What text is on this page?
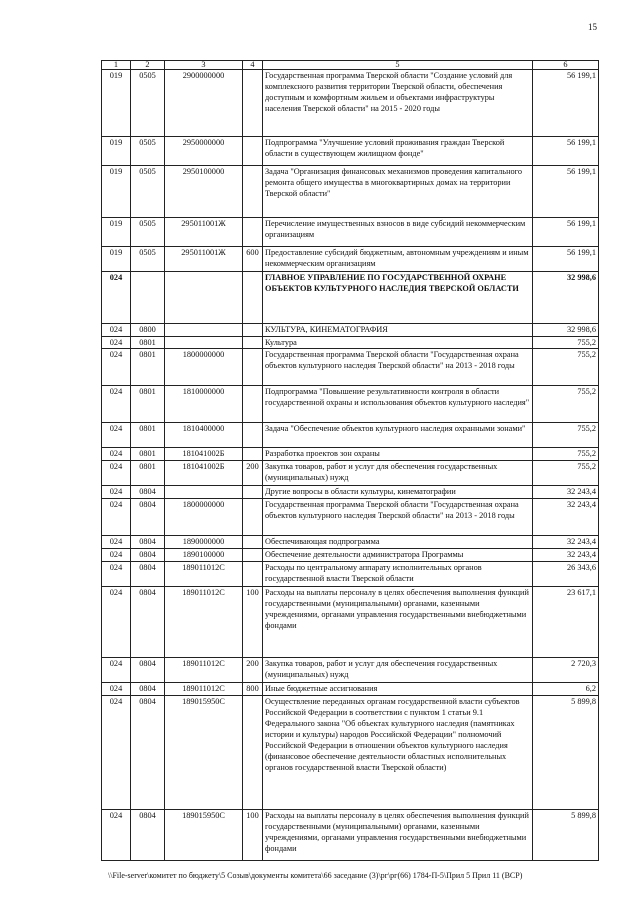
15
1	2	3	4	5	6
019	0505	2900000000		Государственная программа Тверской области "Создание условий для комплексного развития территории Тверской области, обеспечения доступным и комфортным жильем и объектами инфраструктуры населения Тверской области" на 2015 - 2020 годы	56 199,1
019	0505	2950000000		Подпрограмма "Улучшение условий проживания граждан Тверской области в существующем жилищном фонде"	56 199,1
019	0505	2950100000		Задача "Организация финансовых механизмов проведения капитального ремонта общего имущества в многоквартирных домах на территории Тверской области"	56 199,1
019	0505	295011001Ж		Перечисление имущественных взносов в виде субсидий некоммерческим организациям	56 199,1
019	0505	295011001Ж	600	Предоставление субсидий бюджетным, автономным учреждениям и иным некоммерческим организациям	56 199,1
024				ГЛАВНОЕ УПРАВЛЕНИЕ ПО ГОСУДАРСТВЕННОЙ ОХРАНЕ ОБЪЕКТОВ КУЛЬТУРНОГО НАСЛЕДИЯ ТВЕРСКОЙ ОБЛАСТИ	32 998,6
024	0800			КУЛЬТУРА, КИНЕМАТОГРАФИЯ	32 998,6
024	0801			Культура	755,2
024	0801	1800000000		Государственная программа Тверской области "Государственная охрана объектов культурного наследия Тверской области" на 2013 - 2018 годы	755,2
024	0801	1810000000		Подпрограмма "Повышение результативности контроля в области государственной охраны и использования объектов культурного наследия"	755,2
024	0801	1810400000		Задача "Обеспечение объектов культурного наследия охранными зонами"	755,2
024	0801	181041002Б		Разработка проектов зон охраны	755,2
024	0801	181041002Б	200	Закупка товаров, работ и услуг для обеспечения государственных (муниципальных) нужд	755,2
024	0804			Другие вопросы в области культуры, кинематографии	32 243,4
024	0804	1800000000		Государственная программа Тверской области "Государственная охрана объектов культурного наследия Тверской области" на 2013 - 2018 годы	32 243,4
024	0804	1890000000		Обеспечивающая подпрограмма	32 243,4
024	0804	1890100000		Обеспечение деятельности администратора Программы	32 243,4
024	0804	189011012С		Расходы по центральному аппарату исполнительных органов государственной власти Тверской области	26 343,6
024	0804	189011012С	100	Расходы на выплаты персоналу в целях обеспечения выполнения функций государственными (муниципальными) органами, казенными учреждениями, органами управления государственными внебюджетными фондами	23 617,1
024	0804	189011012С	200	Закупка товаров, работ и услуг для обеспечения государственных (муниципальных) нужд	2 720,3
024	0804	189011012С	800	Иные бюджетные ассигнования	6,2
024	0804	189015950С		Осуществление переданных органам государственной власти субъектов Российской Федерации в соответствии с пунктом 1 статьи 9.1 Федерального закона "Об объектах культурного наследия (памятниках истории и культуры) народов Российской Федерации" полномочий Российской Федерации в отношении объектов культурного наследия (финансовое обеспечение деятельности областных исполнительных органов государственной власти Тверской области)	5 899,8
024	0804	189015950С	100	Расходы на выплаты персоналу в целях обеспечения выполнения функций государственными (муниципальными) органами, казенными учреждениями, органами управления государственными внебюджетными фондами	5 899,8
\\File-server\комитет по бюджету\5 Созыв\документы комитета\66 заседание (3)\рг\рг(66) 1784-П-5\Прил 5 Прил 11 (ВСР)
